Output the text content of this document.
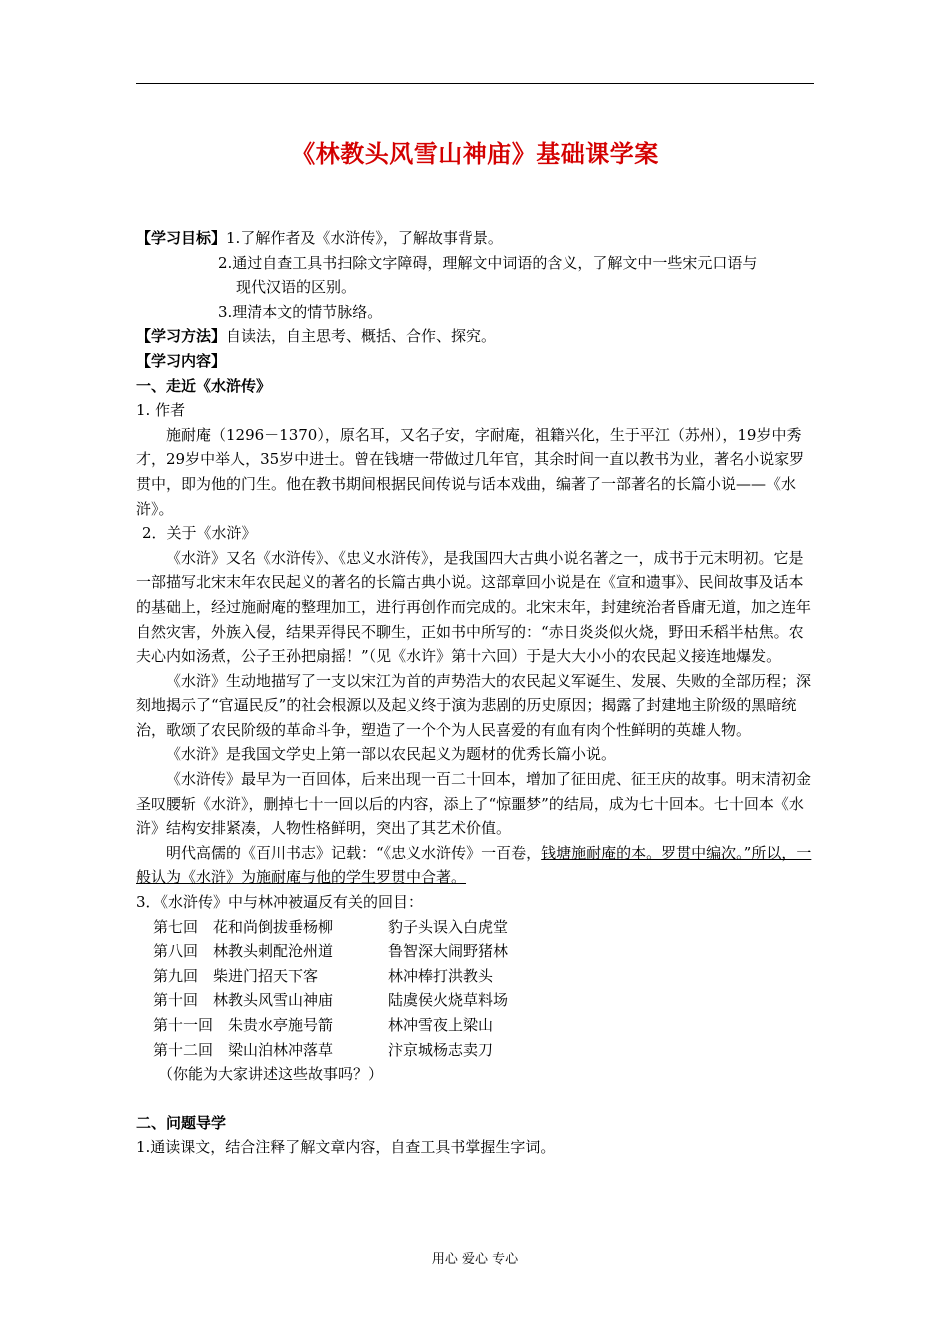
《林教头风雪山神庙》基础课学案

【学习目标】1.了解作者及《水浒传》，了解故事背景。

2.通过自查工具书扫除文字障碍，理解文中词语的含义，了解文中一些宋元口语与

现代汉语的区别。

3.理清本文的情节脉络。

【学习方法】自读法，自主思考、概括、合作、探究。

【学习内容】

一、走近《水浒传》

1. 作者

施耐庵（1296－1370），原名耳，又名子安，字耐庵，祖籍兴化，生于平江（苏州），19岁中秀才，29岁中举人，35岁中进士。曾在钱塘一带做过几年官，其余时间一直以教书为业，著名小说家罗贯中，即为他的门生。他在教书期间根据民间传说与话本戏曲，编著了一部著名的长篇小说——《水浒》。

2．关于《水浒》

《水浒》又名《水浒传》、《忠义水浒传》，是我国四大古典小说名著之一，成书于元末明初。它是一部描写北宋末年农民起义的著名的长篇古典小说。这部章回小说是在《宣和遗事》、民间故事及话本的基础上，经过施耐庵的整理加工，进行再创作而完成的。北宋末年，封建统治者昏庸无道，加之连年自然灾害，外族入侵，结果弄得民不聊生，正如书中所写的：“赤日炎炎似火烧，野田禾稻半枯焦。农夫心内如汤煮，公子王孙把扇摇！”（见《水许》第十六回）于是大大小小的农民起义接连地爆发。

《水浒》生动地描写了一支以宋江为首的声势浩大的农民起义军诞生、发展、失败的全部历程；深刻地揭示了“官逼民反”的社会根源以及起义终于演为悲剧的历史原因；揭露了封建地主阶级的黑暗统治，歌颂了农民阶级的革命斗争，塑造了一个个为人民喜爱的有血有肉个性鲜明的英雄人物。

《水浒》是我国文学史上第一部以农民起义为题材的优秀长篇小说。

《水浒传》最早为一百回体，后来出现一百二十回本，增加了征田虎、征王庆的故事。明末清初金圣叹腰斩《水浒》，删掉七十一回以后的内容，添上了“惊噩梦”的结局，成为七十回本。七十回本《水浒》结构安排紧凑，人物性格鲜明，突出了其艺术价值。

明代高儒的《百川书志》记载：“《忠义水浒传》一百卷，钱塘施耐庵的本。罗贯中编次。”所以，一般认为《水浒》为施耐庵与他的学生罗贯中合著。

3．《水浒传》中与林冲被逼反有关的回目：

第七回　花和尚倒拔垂杨柳	豹子头误入白虎堂
第八回　林教头刺配沧州道	鲁智深大闹野猪林
第九回　柴进门招天下客	林冲棒打洪教头
第十回　林教头风雪山神庙	陆虞侯火烧草料场
第十一回　朱贵水亭施号箭	林冲雪夜上梁山
第十二回　梁山泊林冲落草	汴京城杨志卖刀

（你能为大家讲述这些故事吗？）

二、问题导学

1.通读课文，结合注释了解文章内容，自查工具书掌握生字词。

用心 爱心 专心
